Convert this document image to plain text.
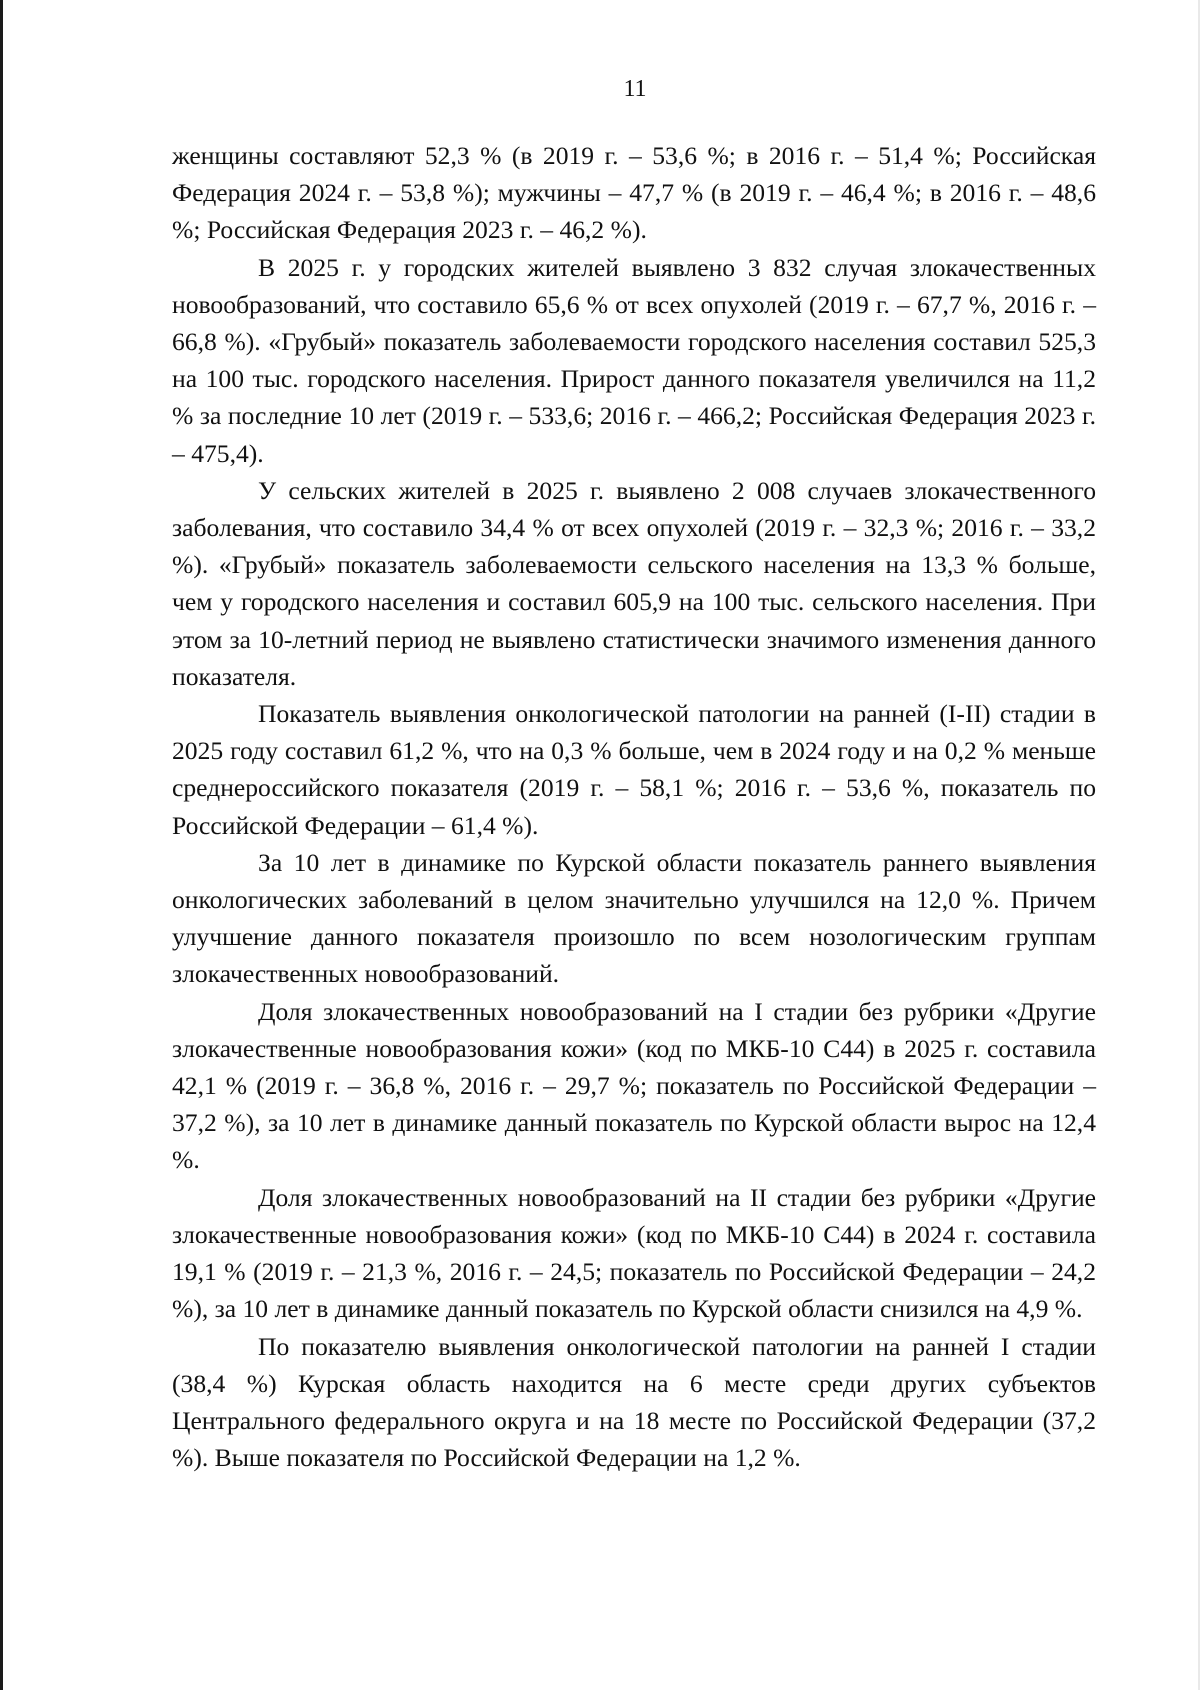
11

женщины составляют 52,3 % (в 2019 г. – 53,6 %; в 2016 г. – 51,4 %; Российская Федерация 2024 г. – 53,8 %); мужчины – 47,7 % (в 2019 г. – 46,4 %; в 2016 г. – 48,6 %; Российская Федерация 2023 г. – 46,2 %).

В 2025 г. у городских жителей выявлено 3 832 случая злокачественных новообразований, что составило 65,6 % от всех опухолей (2019 г. – 67,7 %, 2016 г. – 66,8 %). «Грубый» показатель заболеваемости городского населения составил 525,3 на 100 тыс. городского населения. Прирост данного показателя увеличился на 11,2 % за последние 10 лет (2019 г. – 533,6; 2016 г. – 466,2; Российская Федерация 2023 г. – 475,4).

У сельских жителей в 2025 г. выявлено 2 008 случаев злокачественного заболевания, что составило 34,4 % от всех опухолей (2019 г. – 32,3 %; 2016 г. – 33,2 %). «Грубый» показатель заболеваемости сельского населения на 13,3 % больше, чем у городского населения и составил 605,9 на 100 тыс. сельского населения. При этом за 10-летний период не выявлено статистически значимого изменения данного показателя.

Показатель выявления онкологической патологии на ранней (I-II) стадии в 2025 году составил 61,2 %, что на 0,3 % больше, чем в 2024 году и на 0,2 % меньше среднероссийского показателя (2019 г. – 58,1 %; 2016 г. – 53,6 %, показатель по Российской Федерации – 61,4 %).

За 10 лет в динамике по Курской области показатель раннего выявления онкологических заболеваний в целом значительно улучшился на 12,0 %. Причем улучшение данного показателя произошло по всем нозологическим группам злокачественных новообразований.

Доля злокачественных новообразований на I стадии без рубрики «Другие злокачественные новообразования кожи» (код по МКБ-10 С44) в 2025 г. составила 42,1 % (2019 г. – 36,8 %, 2016 г. – 29,7 %; показатель по Российской Федерации – 37,2 %), за 10 лет в динамике данный показатель по Курской области вырос на 12,4 %.

Доля злокачественных новообразований на II стадии без рубрики «Другие злокачественные новообразования кожи» (код по МКБ-10 С44) в 2024 г. составила 19,1 % (2019 г. – 21,3 %, 2016 г. – 24,5; показатель по Российской Федерации – 24,2 %), за 10 лет в динамике данный показатель по Курской области снизился на 4,9 %.

По показателю выявления онкологической патологии на ранней I стадии (38,4 %) Курская область находится на 6 месте среди других субъектов Центрального федерального округа и на 18 месте по Российской Федерации (37,2 %). Выше показателя по Российской Федерации на 1,2 %.
